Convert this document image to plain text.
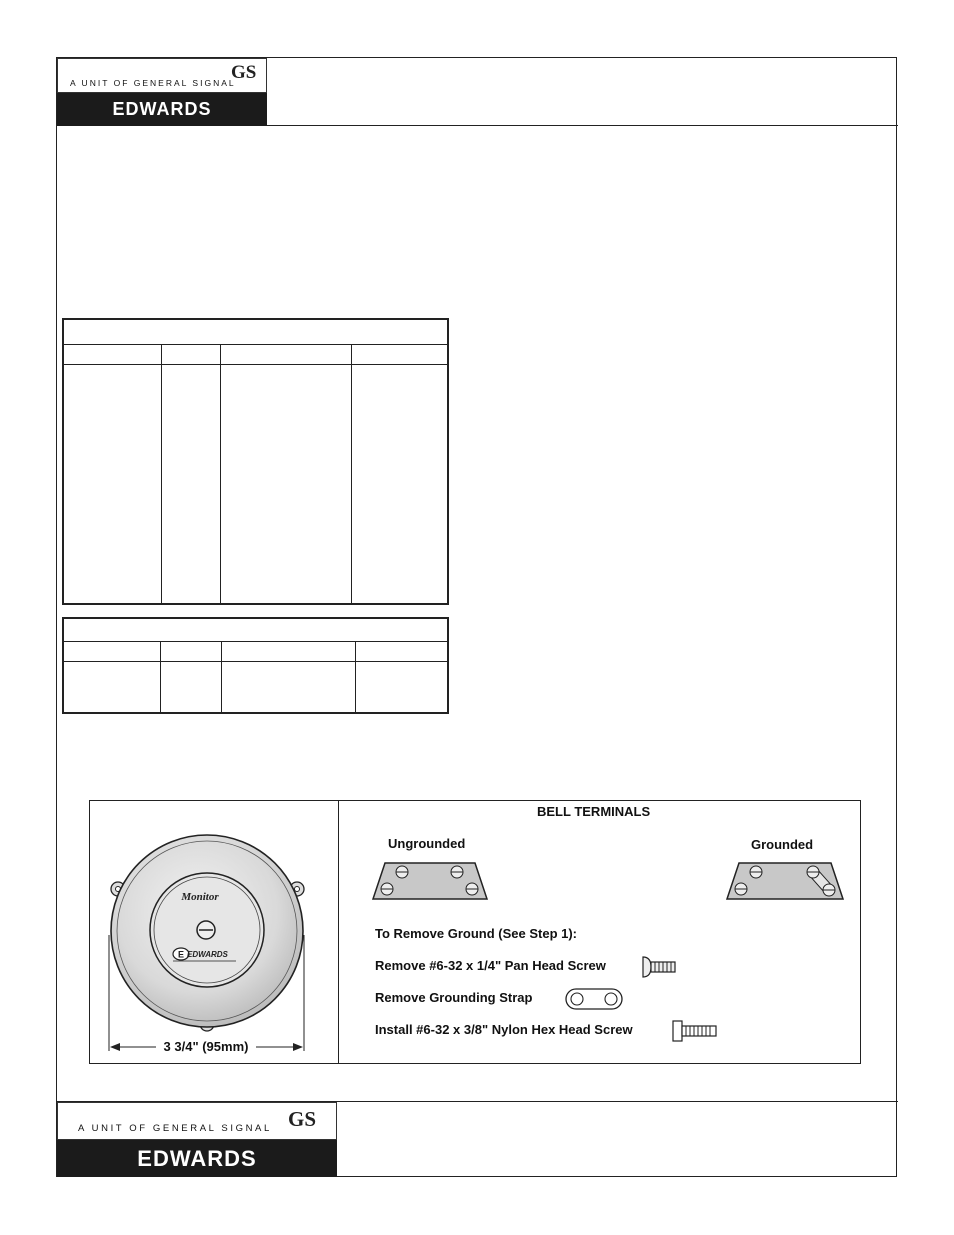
A UNIT OF GENERAL SIGNAL
GS
EDWARDS

Monitor
E EDWARDS
3 3/4" (95mm)
BELL TERMINALS
Ungrounded	Grounded
To Remove Ground (See Step 1):
Remove #6-32 x 1/4" Pan Head Screw
Remove Grounding Strap
Install #6-32 x 3/8" Nylon Hex Head Screw
A UNIT OF GENERAL SIGNAL GS
EDWARDS
